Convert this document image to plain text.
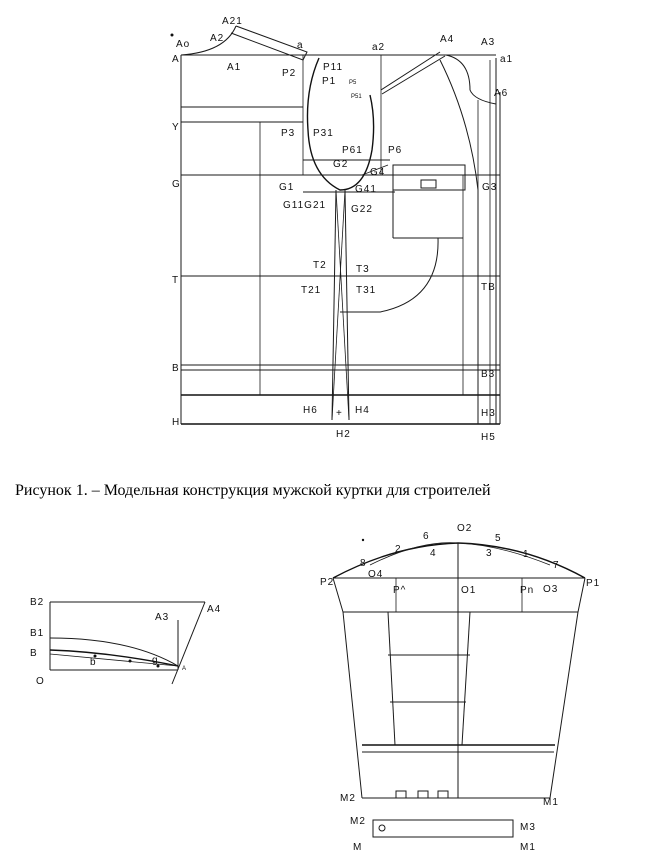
A21
Ao
A2
a	a2
A4	A3
A
A1
P2
P11
P1 P5
P51
a1
A6
Y
P3 P31
P61	P6
G2
G4
G	G1	G41	G3
G11G21 G22
T2	T3
T
T21	T31	TB
B
B3
H6	H4	H3
H
H2	H5
+
Рисунок 1. – Модельная конструкция мужской куртки для строителей
B2
A3
A4
B1
B
b	g
A
O
O2
6	5
2	4	1
3
8	7
P2
O4
P^	O1	Pn O3
P1
M2	M1
M2
M3
M	M1
